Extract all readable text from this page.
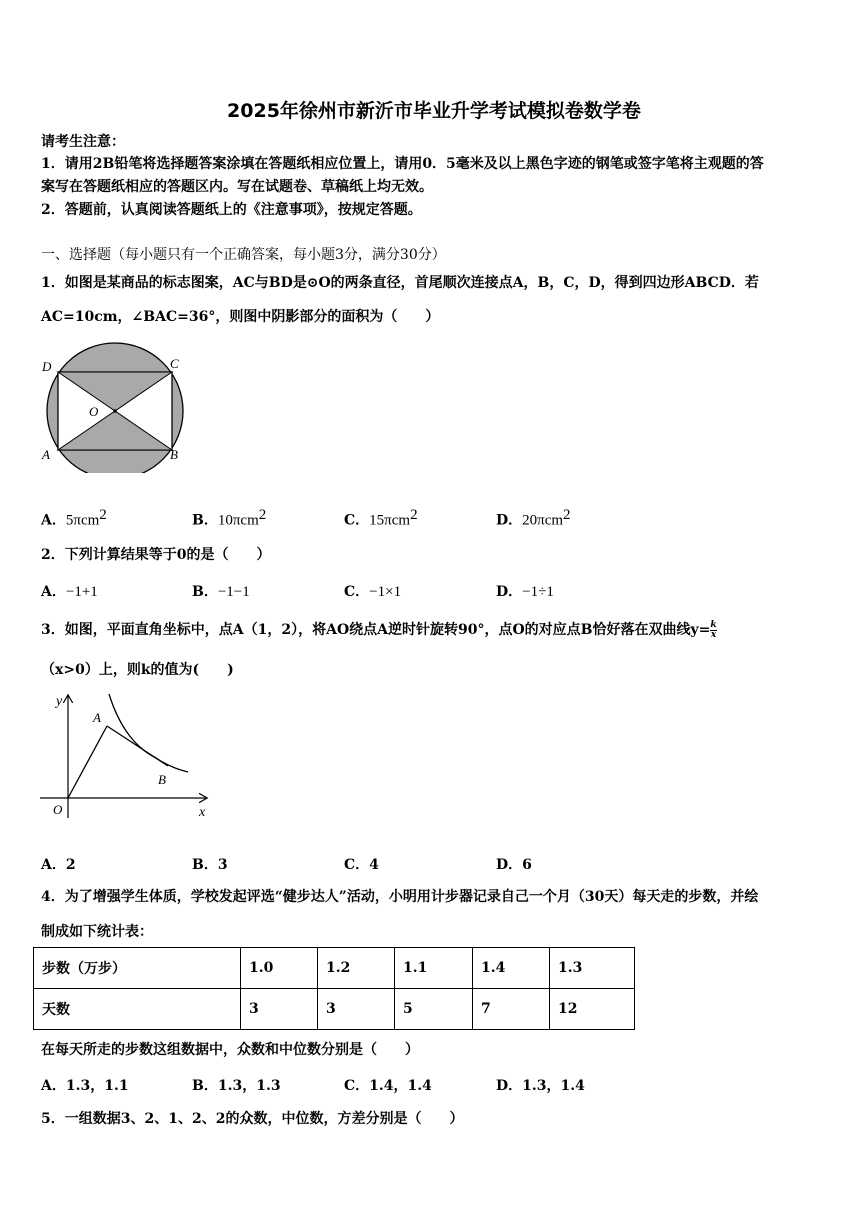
2025年徐州市新沂市毕业升学考试模拟卷数学卷
请考生注意：
1．请用2B铅笔将选择题答案涂填在答题纸相应位置上，请用0．5毫米及以上黑色字迹的钢笔或签字笔将主观题的答
案写在答题纸相应的答题区内。写在试题卷、草稿纸上均无效。
2．答题前，认真阅读答题纸上的《注意事项》，按规定答题。
一、选择题（每小题只有一个正确答案，每小题3分，满分30分）
1．如图是某商品的标志图案，AC与BD是⊙O的两条直径，首尾顺次连接点A，B，C，D，得到四边形ABCD．若
AC=10cm，∠BAC=36°，则图中阴影部分的面积为（　　）
D	C
O
A	B
A．5πcm$^2$	B．10πcm$^2$	C．15πcm$^2$	D．20πcm$^2$
2．下列计算结果等于0的是（　　）
A．−1+1	B．−1−1	C．−1×1	D．−1÷1
3．如图，平面直角坐标中，点A（1，2），将AO绕点A逆时针旋转90°，点O的对应点B恰好落在双曲线$y= \frac{k}{x}$
（x>0）上，则k的值为(　　)
y
A
B
O	x
A．2	B．3	C．4	D．6
4．为了增强学生体质，学校发起评选“健步达人”活动，小明用计步器记录自己一个月（30天）每天走的步数，并绘
制成如下统计表：
步数（万步）	1.0	1.2	1.1	1.4	1.3
天数	3	3	5	7	12
在每天所走的步数这组数据中，众数和中位数分别是（　　）
A．1.3，1.1	B．1.3，1.3	C．1.4，1.4	D．1.3，1.4
5．一组数据3、2、1、2、2的众数，中位数，方差分别是（　　）
